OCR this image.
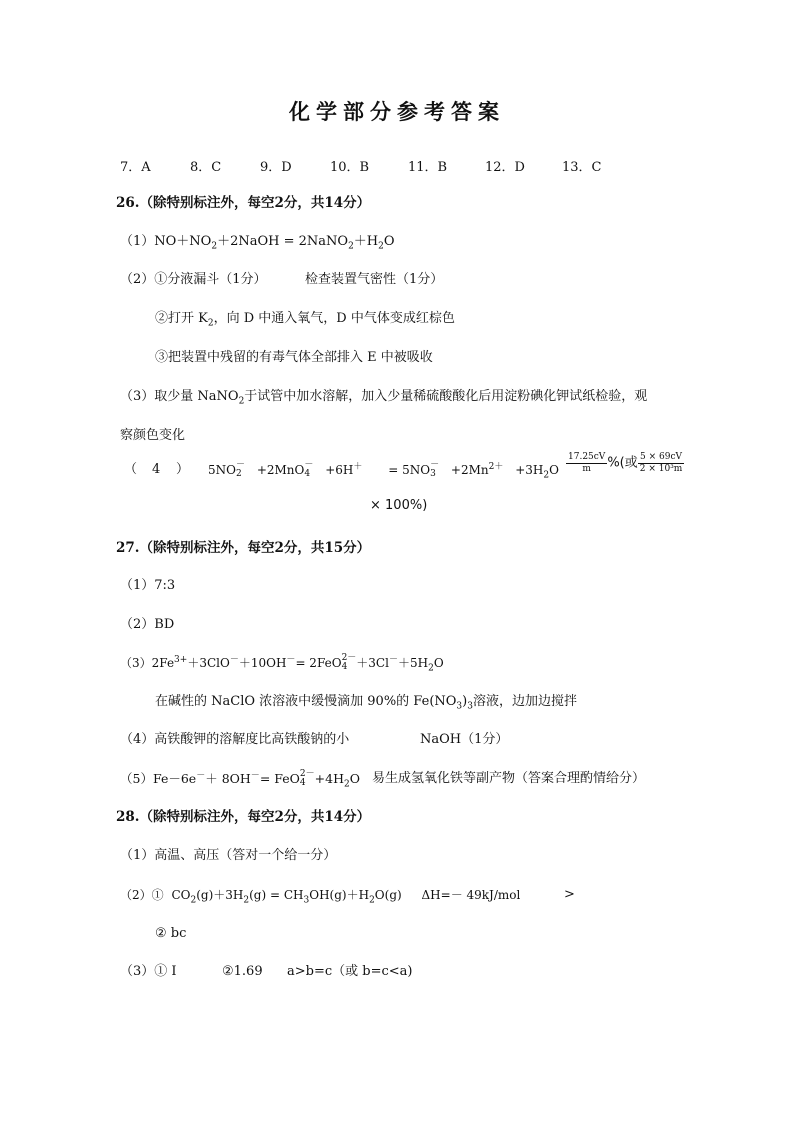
化学部分参考答案
7．A	8．C	9．D	10．B	11．B	12．D	13．C
26.（除特别标注外，每空2分，共14分）
$(1)NO+NO_2+2NaOH$ = $2NaNO_2+H_2O$
（2）①分液漏斗（1分）	检查装置气密性（1分）
②打开 $K_2$，向 D 中通入氧气，D 中气体变成红棕色
③把装置中残留的有毒气体全部排入 E 中被吸收
（3）取少量 NaNO$_2$于试管中加水溶解，加入少量稀硫酸酸化后用淀粉碘化钾试纸检验，观
察颜色变化
（ 4 ） 5NO －
2 +2MnO －
4 +6H＋ = 5NO －
$3 +2Mn^{2+} +3H_2O \frac{17.25cV}{m}$ %(或 $\frac{5 \times 69cV}{\text{2 × 10³m}}$
× 100%)
27.（除特别标注外，每空2分，共15分）
（1）7:3
（2）BD
$(3)2Fe^{3+}+3ClO^-+10OH^-= 2FeO$ 2－
$4 +3Cl^-+5H_2O$
在碱性的 NaClO 浓溶液中缓慢滴加 90%的 $Fe(NO_3)_3$溶液，边加边搅拌
（4）高铁酸钾的溶解度比高铁酸钠的小	NaOH（1分）
（5）Fe－6e－＋ 8OH－= FeO 2－
$4 +4H_2O$ 易生成氢氧化铁等副产物（答案合理酌情给分）
28.（除特别标注外，每空2分，共14分）
（1）高温、高压（答对一个给一分）
（2）① $CO_2(g)+3H_2(g) = CH_3OH(g)+H_2O(g)$ ΔH=－ 49kJ/mol	>
② bc
（3）① I	②1.69 a>b=c（或 b=c<a)
